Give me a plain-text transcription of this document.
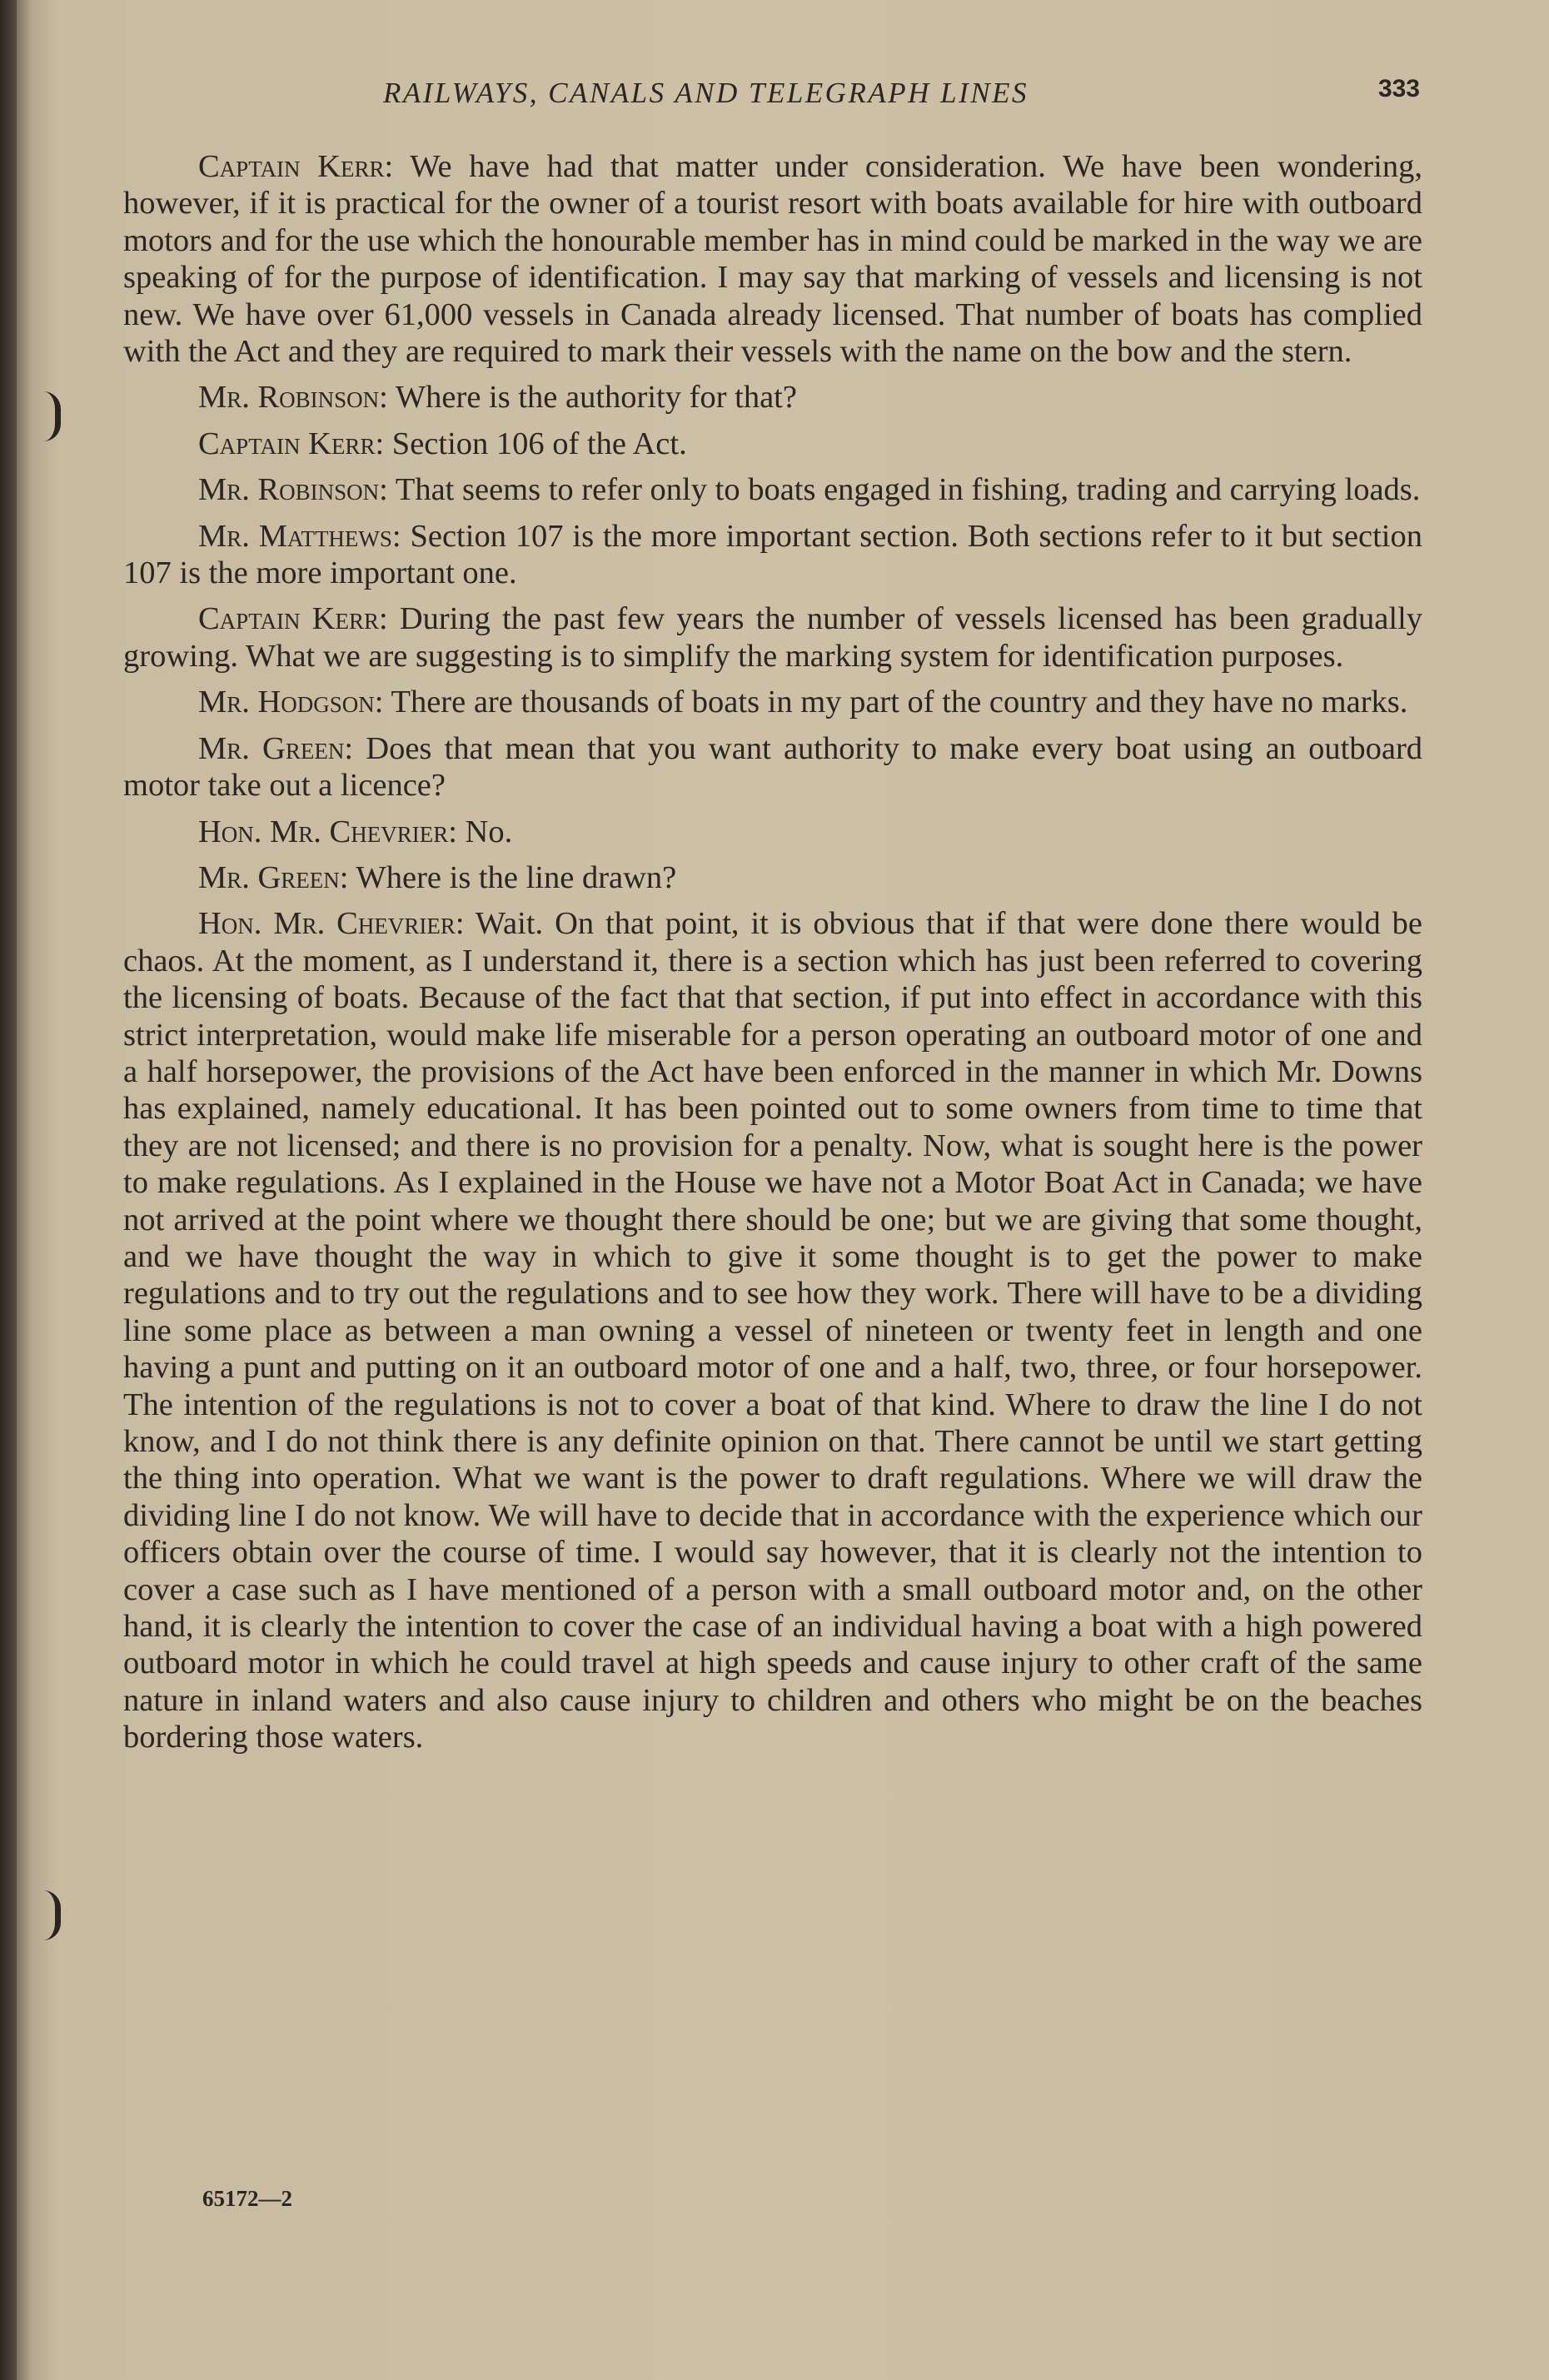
RAILWAYS, CANALS AND TELEGRAPH LINES	333

Captain Kerr: We have had that matter under consideration. We have been wondering, however, if it is practical for the owner of a tourist resort with boats available for hire with outboard motors and for the use which the honourable member has in mind could be marked in the way we are speaking of for the purpose of identification. I may say that marking of vessels and licensing is not new. We have over 61,000 vessels in Canada already licensed. That number of boats has complied with the Act and they are required to mark their vessels with the name on the bow and the stern.

Mr. Robinson: Where is the authority for that?

Captain Kerr: Section 106 of the Act.

Mr. Robinson: That seems to refer only to boats engaged in fishing, trading and carrying loads.

Mr. Matthews: Section 107 is the more important section. Both sections refer to it but section 107 is the more important one.

Captain Kerr: During the past few years the number of vessels licensed has been gradually growing. What we are suggesting is to simplify the marking system for identification purposes.

Mr. Hodgson: There are thousands of boats in my part of the country and they have no marks.

Mr. Green: Does that mean that you want authority to make every boat using an outboard motor take out a licence?

Hon. Mr. Chevrier: No.

Mr. Green: Where is the line drawn?

Hon. Mr. Chevrier: Wait. On that point, it is obvious that if that were done there would be chaos. At the moment, as I understand it, there is a section which has just been referred to covering the licensing of boats. Because of the fact that that section, if put into effect in accordance with this strict interpretation, would make life miserable for a person operating an outboard motor of one and a half horsepower, the provisions of the Act have been enforced in the manner in which Mr. Downs has explained, namely educational. It has been pointed out to some owners from time to time that they are not licensed; and there is no provision for a penalty. Now, what is sought here is the power to make regulations. As I explained in the House we have not a Motor Boat Act in Canada; we have not arrived at the point where we thought there should be one; but we are giving that some thought, and we have thought the way in which to give it some thought is to get the power to make regulations and to try out the regulations and to see how they work. There will have to be a dividing line some place as between a man owning a vessel of nineteen or twenty feet in length and one having a punt and putting on it an outboard motor of one and a half, two, three, or four horsepower. The intention of the regulations is not to cover a boat of that kind. Where to draw the line I do not know, and I do not think there is any definite opinion on that. There cannot be until we start getting the thing into operation. What we want is the power to draft regulations. Where we will draw the dividing line I do not know. We will have to decide that in accordance with the experience which our officers obtain over the course of time. I would say however, that it is clearly not the intention to cover a case such as I have mentioned of a person with a small outboard motor and, on the other hand, it is clearly the intention to cover the case of an individual having a boat with a high powered outboard motor in which he could travel at high speeds and cause injury to other craft of the same nature in inland waters and also cause injury to children and others who might be on the beaches bordering those waters.

65172—2
